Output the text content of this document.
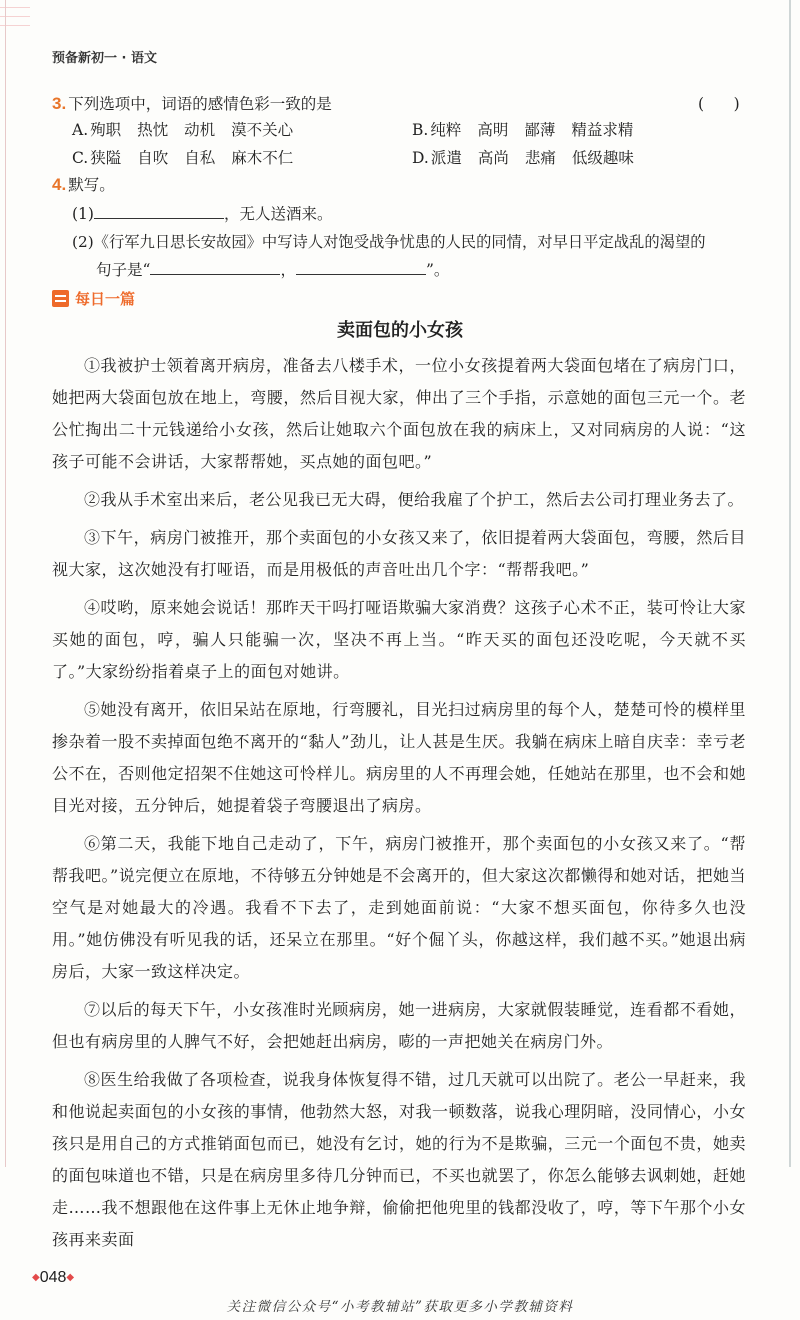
预备新初一 · 语文
3. 下列选项中，词语的感情色彩一致的是	(      )
A. 殉职 热忱 动机 漠不关心	B. 纯粹 高明 鄙薄 精益求精
C. 狭隘 自吹 自私 麻木不仁	D. 派遣 高尚 悲痛 低级趣味
4. 默写。
(1)	，无人送酒来。
(2)《行军九日思长安故园》中写诗人对饱受战争忧患的人民的同情，对早日平定战乱的渴望的
句子是“	，	”。
每日一篇
卖面包的小女孩

①我被护士领着离开病房，准备去八楼手术，一位小女孩提着两大袋面包堵在了病房门口，她把两大袋面包放在地上，弯腰，然后目视大家，伸出了三个手指，示意她的面包三元一个。老公忙掏出二十元钱递给小女孩，然后让她取六个面包放在我的病床上，又对同病房的人说：“这孩子可能不会讲话，大家帮帮她，买点她的面包吧。”

②我从手术室出来后，老公见我已无大碍，便给我雇了个护工，然后去公司打理业务去了。

③下午，病房门被推开，那个卖面包的小女孩又来了，依旧提着两大袋面包，弯腰，然后目视大家，这次她没有打哑语，而是用极低的声音吐出几个字：“帮帮我吧。”

④哎哟，原来她会说话！那昨天干吗打哑语欺骗大家消费？这孩子心术不正，装可怜让大家买她的面包，哼，骗人只能骗一次，坚决不再上当。“昨天买的面包还没吃呢，今天就不买了。”大家纷纷指着桌子上的面包对她讲。

⑤她没有离开，依旧呆站在原地，行弯腰礼，目光扫过病房里的每个人，楚楚可怜的模样里掺杂着一股不卖掉面包绝不离开的“黏人”劲儿，让人甚是生厌。我躺在病床上暗自庆幸：幸亏老公不在，否则他定招架不住她这可怜样儿。病房里的人不再理会她，任她站在那里，也不会和她目光对接，五分钟后，她提着袋子弯腰退出了病房。

⑥第二天，我能下地自己走动了，下午，病房门被推开，那个卖面包的小女孩又来了。“帮帮我吧。”说完便立在原地，不待够五分钟她是不会离开的，但大家这次都懒得和她对话，把她当空气是对她最大的冷遇。我看不下去了，走到她面前说：“大家不想买面包，你待多久也没用。”她仿佛没有听见我的话，还呆立在那里。“好个倔丫头，你越这样，我们越不买。”她退出病房后，大家一致这样决定。

⑦以后的每天下午，小女孩准时光顾病房，她一进病房，大家就假装睡觉，连看都不看她，但也有病房里的人脾气不好，会把她赶出病房，嘭的一声把她关在病房门外。

⑧医生给我做了各项检查，说我身体恢复得不错，过几天就可以出院了。老公一早赶来，我和他说起卖面包的小女孩的事情，他勃然大怒，对我一顿数落，说我心理阴暗，没同情心，小女孩只是用自己的方式推销面包而已，她没有乞讨，她的行为不是欺骗，三元一个面包不贵，她卖的面包味道也不错，只是在病房里多待几分钟而已，不买也就罢了，你怎么能够去讽刺她，赶她走……我不想跟他在这件事上无休止地争辩，偷偷把他兜里的钱都没收了，哼，等下午那个小女孩再来卖面

◆048◆
关注微信公众号“小考教辅站”获取更多小学教辅资料
